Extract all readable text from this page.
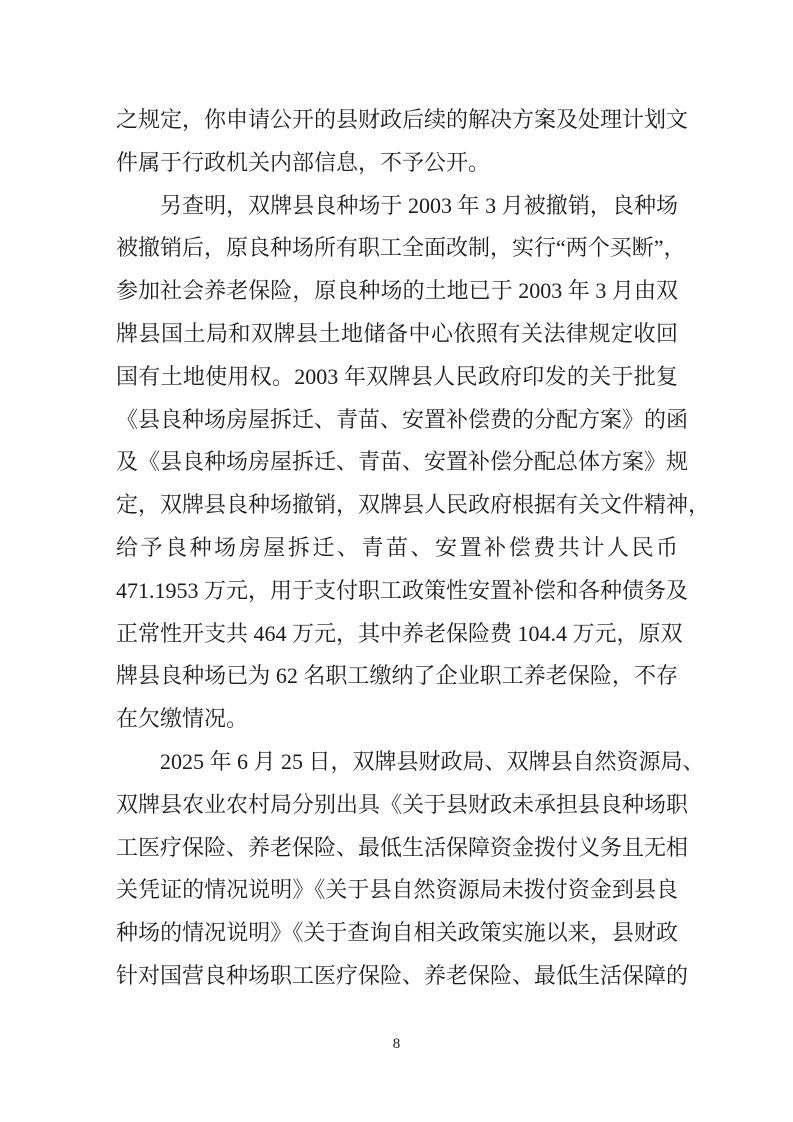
之规定，你申请公开的县财政后续的解决方案及处理计划文
件属于行政机关内部信息，不予公开。
另查明，双牌县良种场于 2003 年 3 月被撤销，良种场
被撤销后，原良种场所有职工全面改制，实行“两个买断”，
参加社会养老保险，原良种场的土地已于 2003 年 3 月由双
牌县国土局和双牌县土地储备中心依照有关法律规定收回
国有土地使用权。2003 年双牌县人民政府印发的关于批复
《县良种场房屋拆迁、青苗、安置补偿费的分配方案》的函
及《县良种场房屋拆迁、青苗、安置补偿分配总体方案》规
定，双牌县良种场撤销，双牌县人民政府根据有关文件精神，
给予良种场房屋拆迁、青苗、安置补偿费共计人民币
471.1953 万元，用于支付职工政策性安置补偿和各种债务及
正常性开支共 464 万元，其中养老保险费 104.4 万元，原双
牌县良种场已为 62 名职工缴纳了企业职工养老保险，不存
在欠缴情况。
2025 年 6 月 25 日，双牌县财政局、双牌县自然资源局、
双牌县农业农村局分别出具《关于县财政未承担县良种场职
工医疗保险、养老保险、最低生活保障资金拨付义务且无相
关凭证的情况说明》《关于县自然资源局未拨付资金到县良
种场的情况说明》《关于查询自相关政策实施以来，县财政
针对国营良种场职工医疗保险、养老保险、最低生活保障的
8
